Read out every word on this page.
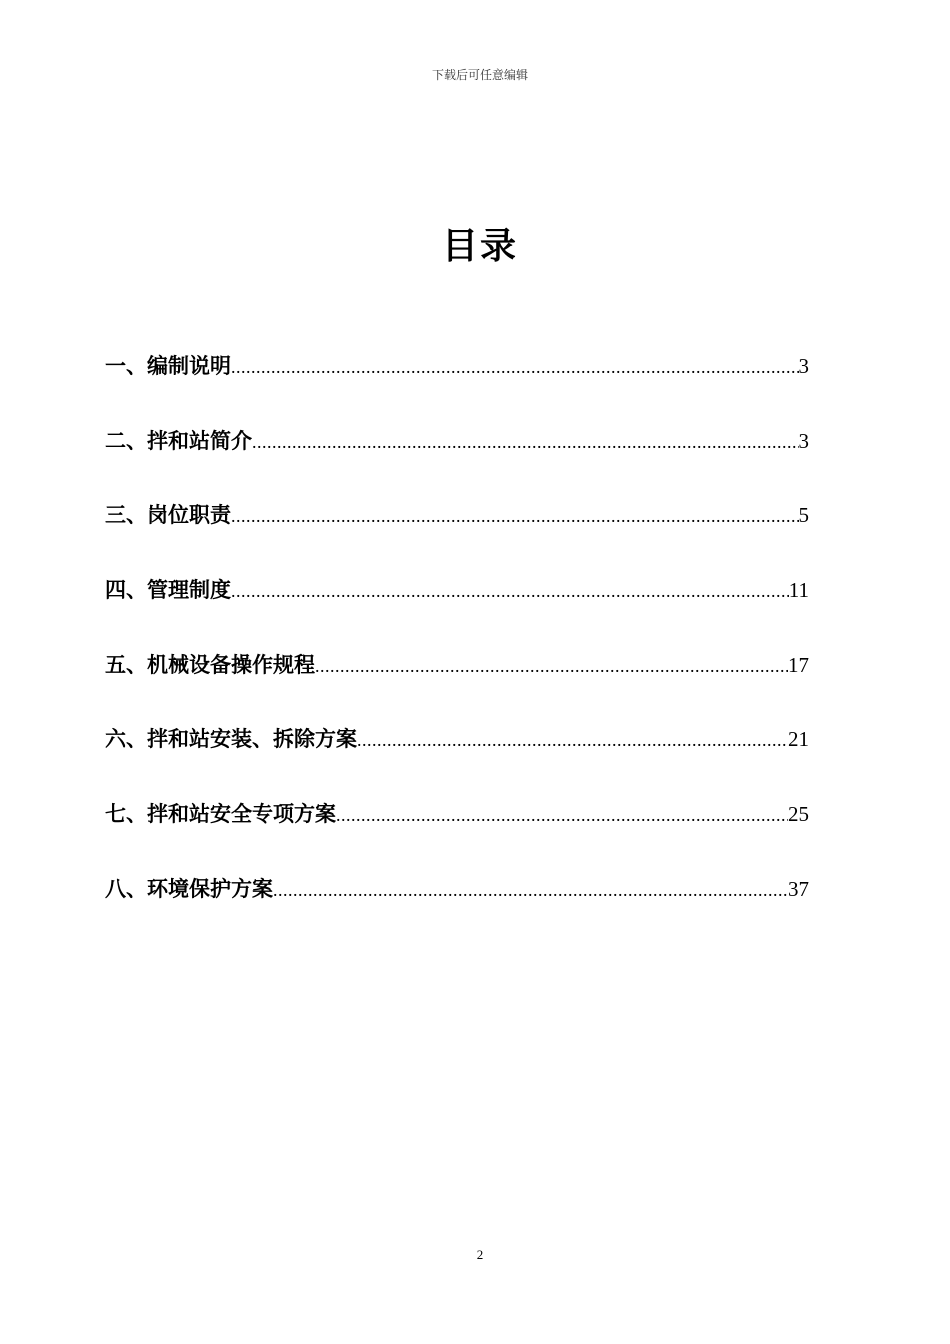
下载后可任意编辑
目录
一、编制说明 .....	3
二、拌和站简介 .....	3
三、岗位职责 .....	5
四、管理制度 .....	11
五、机械设备操作规程 .....	17
六、拌和站安装、拆除方案 .....	21
七、拌和站安全专项方案 .....	25
八、环境保护方案 .....	37
2
